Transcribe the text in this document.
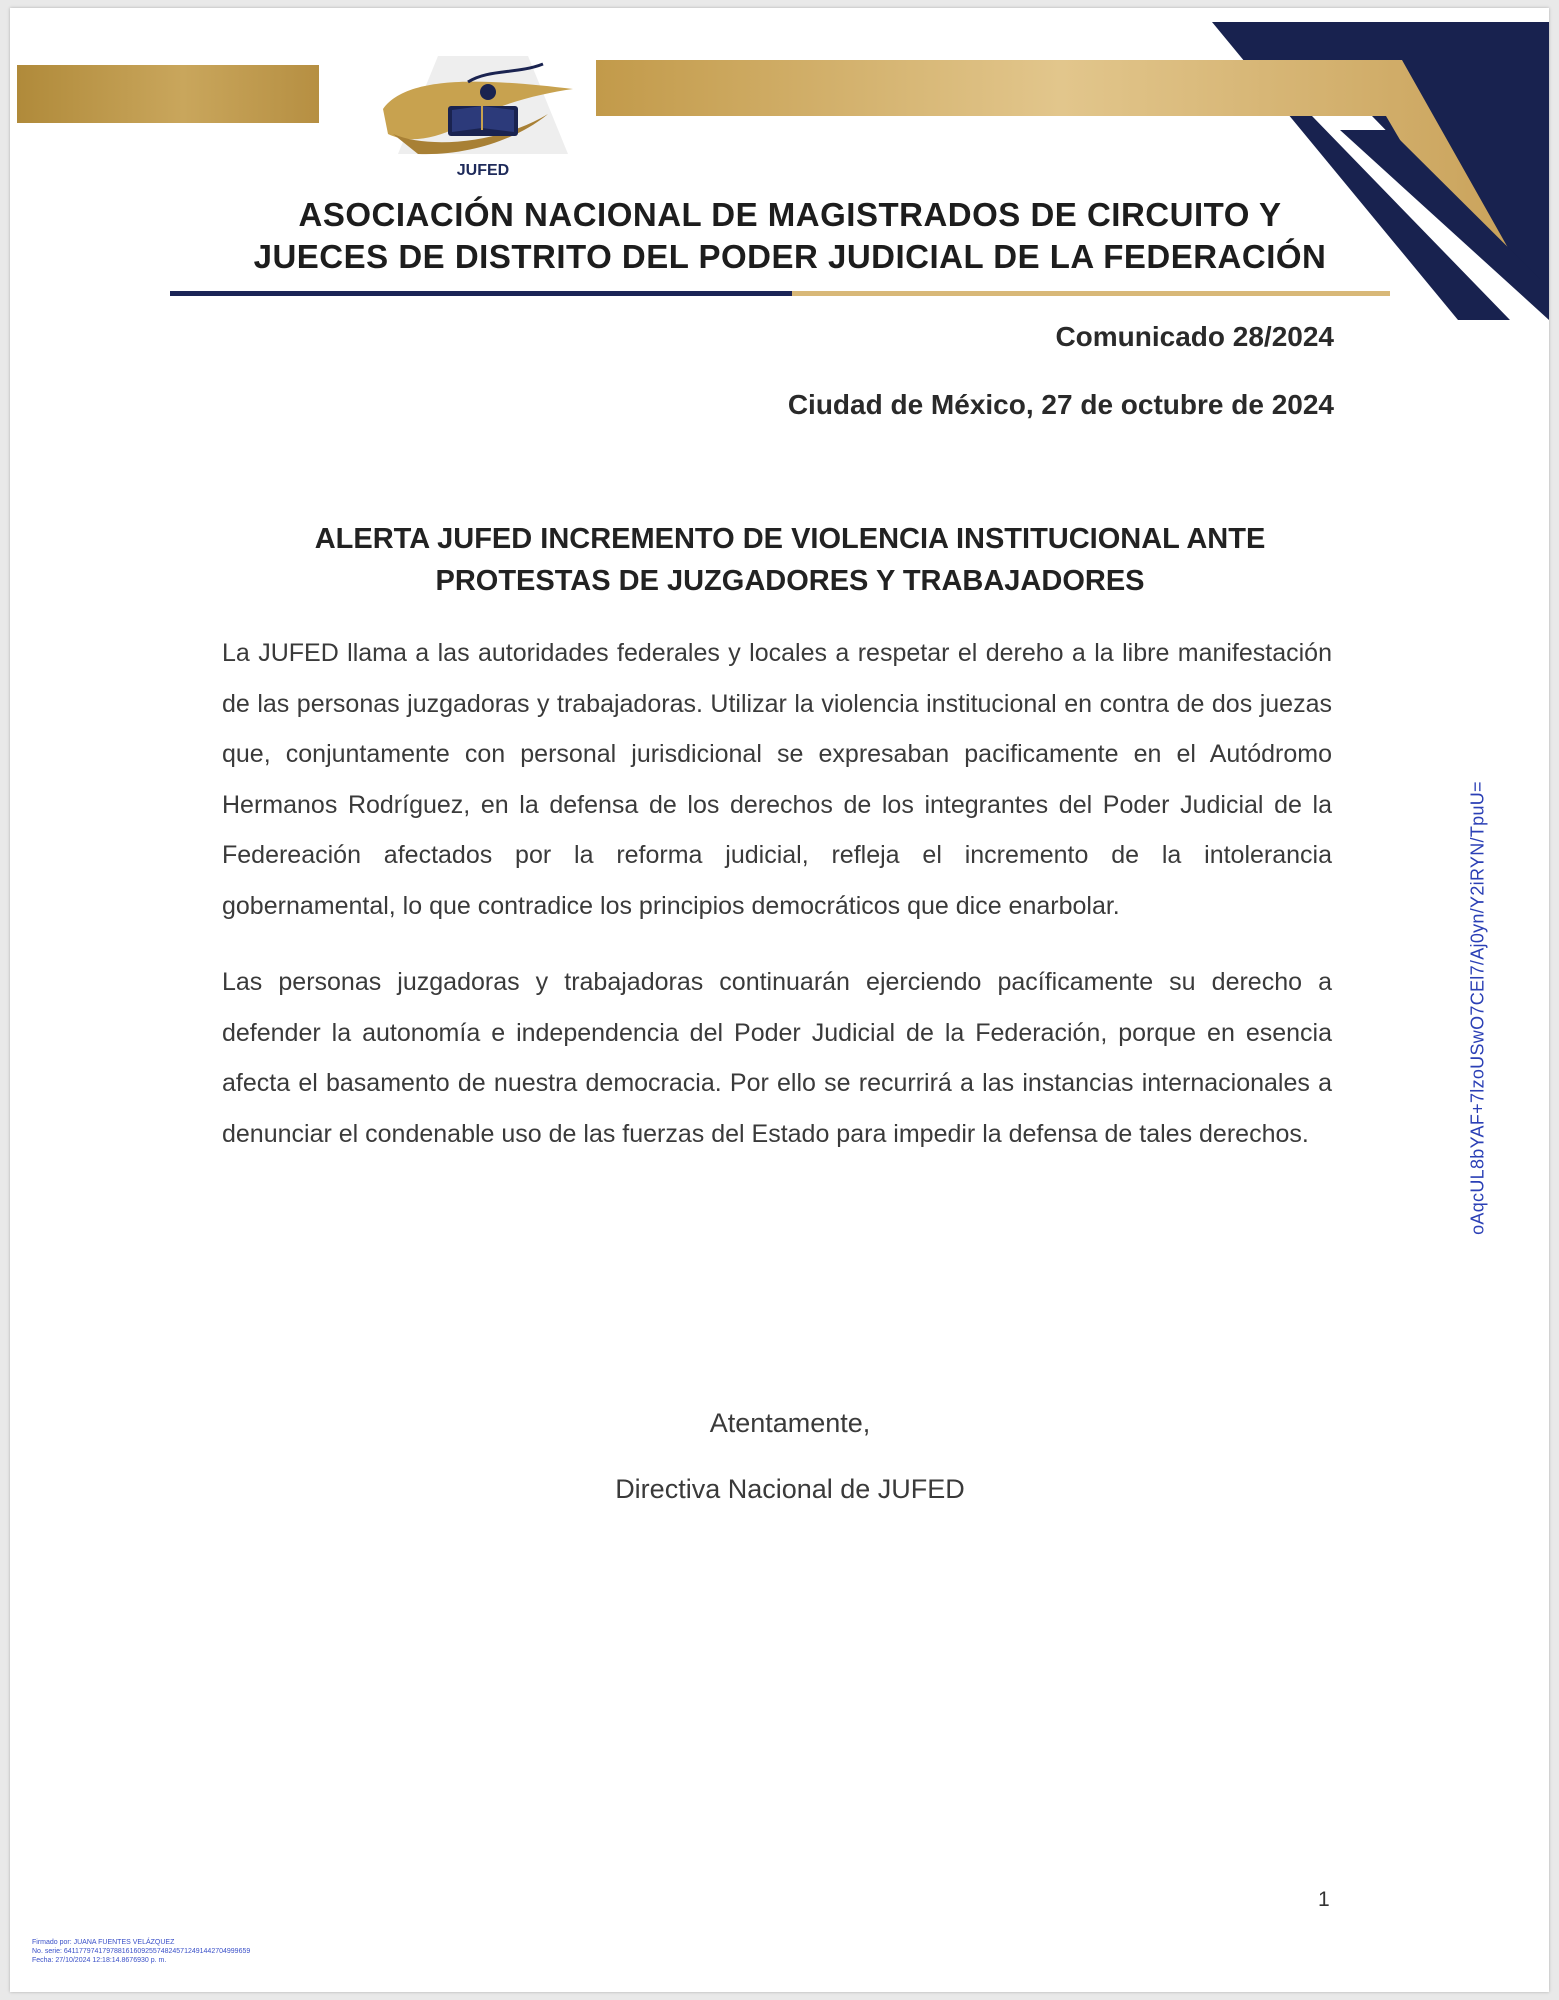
JUFED
ASOCIACIÓN NACIONAL DE MAGISTRADOS DE CIRCUITO Y
JUECES DE DISTRITO DEL PODER JUDICIAL DE LA FEDERACIÓN
Comunicado 28/2024
Ciudad de México, 27 de octubre de 2024
ALERTA JUFED INCREMENTO DE VIOLENCIA INSTITUCIONAL ANTE
PROTESTAS DE JUZGADORES Y TRABAJADORES

La JUFED llama a las autoridades federales y locales a respetar el dereho a la libre manifestación de las personas juzgadoras y trabajadoras. Utilizar la violencia institucional en contra de dos juezas que, conjuntamente con personal jurisdicional se expresaban pacificamente en el Autódromo Hermanos Rodríguez, en la defensa de los derechos de los integrantes del Poder Judicial de la Federeación afectados por la reforma judicial, refleja el incremento de la intolerancia gobernamental, lo que contradice los principios democráticos que dice enarbolar.

Las personas juzgadoras y trabajadoras continuarán ejerciendo pacíficamente su derecho a defender la autonomía e independencia del Poder Judicial de la Federación, porque en esencia afecta el basamento de nuestra democracia. Por ello se recurrirá a las instancias internacionales a denunciar el condenable uso de las fuerzas del Estado para impedir la defensa de tales derechos.

Atentamente,
Directiva Nacional de JUFED
oAqcUL8bYAF+7lzoUSwO7CEl7/Aj0yn/Y2iRYN/TpuU=
1
Firmado por: JUANA FUENTES VELÁZQUEZ
No. serie: 641177974179788161609255748245712491442704999659
Fecha: 27/10/2024 12:18:14.8676930 p. m.
